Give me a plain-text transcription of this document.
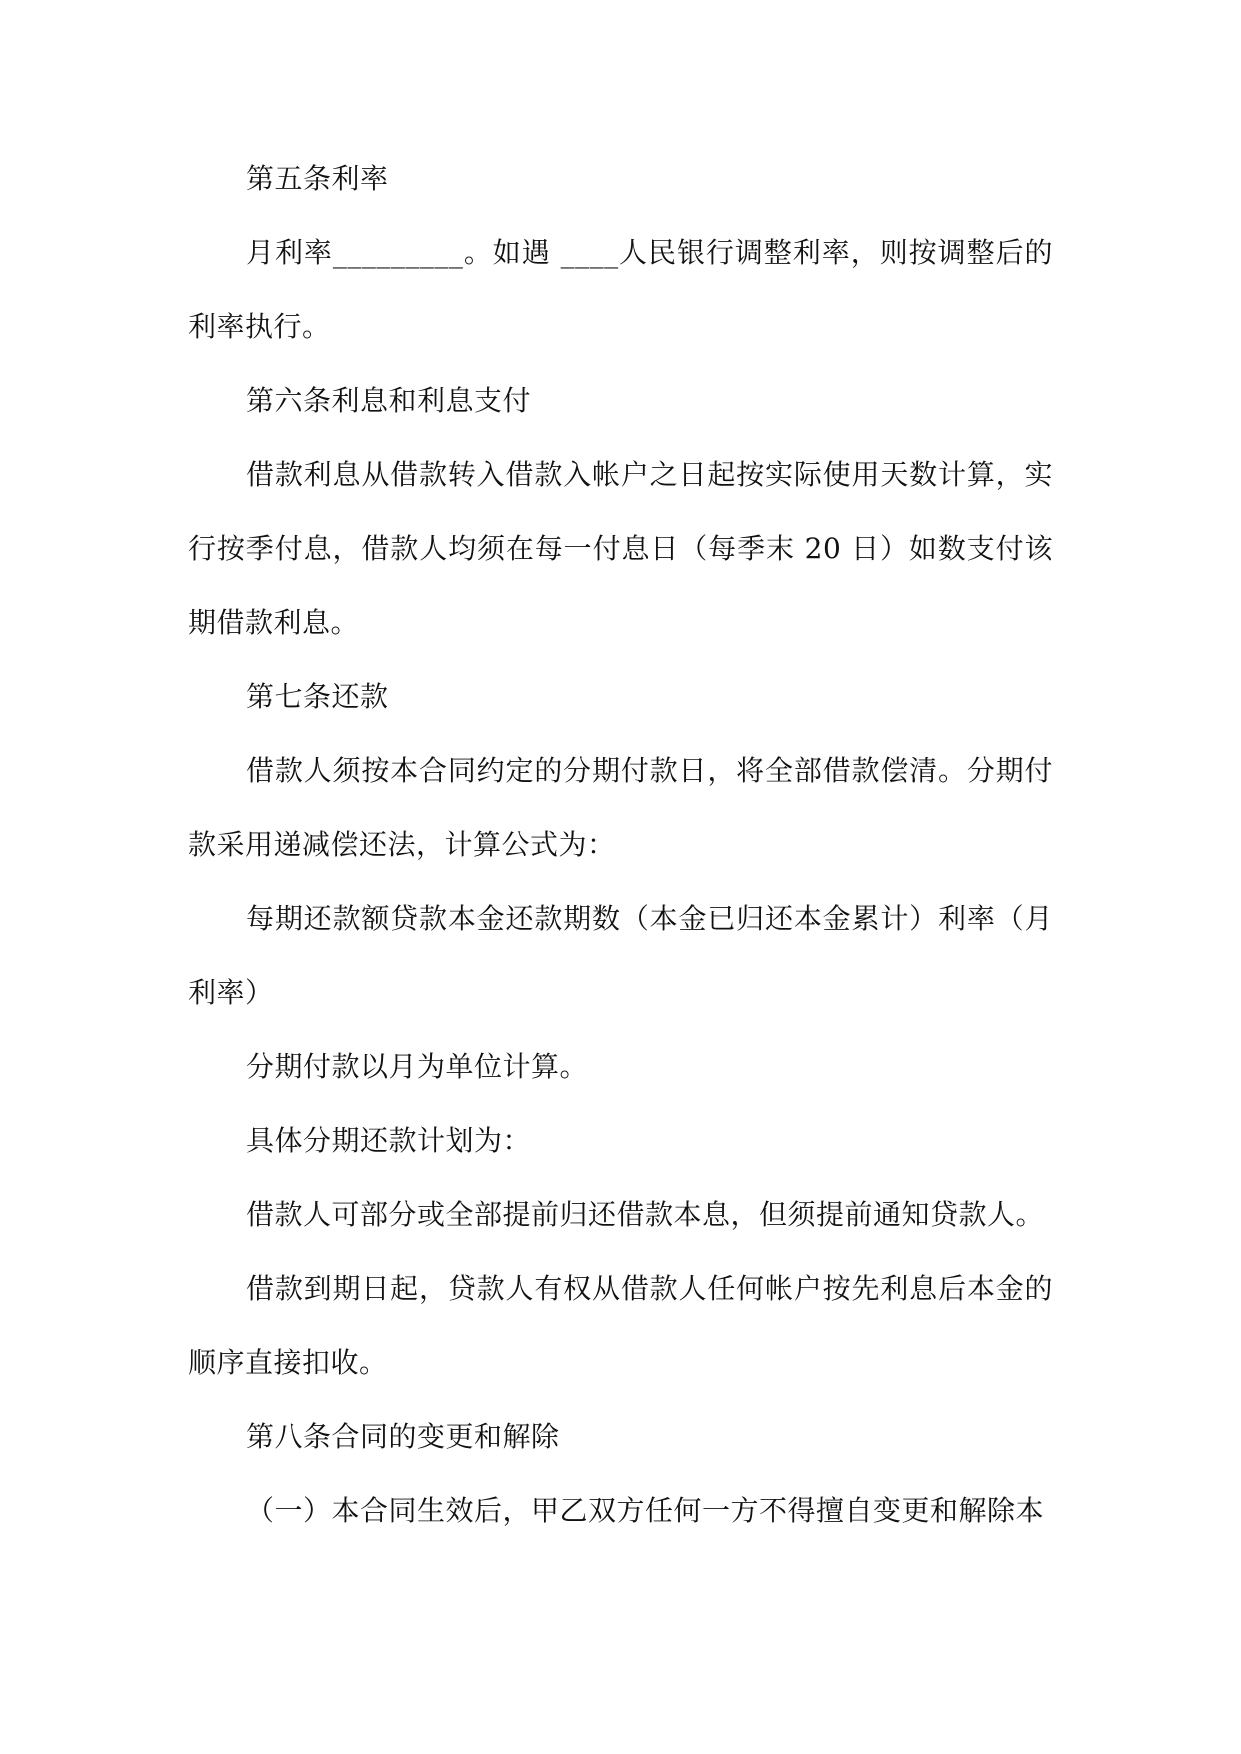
第五条利率

月利率_________。如遇 ____人民银行调整利率，则按调整后的利率执行。

第六条利息和利息支付

借款利息从借款转入借款入帐户之日起按实际使用天数计算，实行按季付息，借款人均须在每一付息日（每季末 20 日）如数支付该期借款利息。

第七条还款

借款人须按本合同约定的分期付款日，将全部借款偿清。分期付款采用递减偿还法，计算公式为：

每期还款额贷款本金还款期数（本金已归还本金累计）利率（月利率）

分期付款以月为单位计算。

具体分期还款计划为：

借款人可部分或全部提前归还借款本息，但须提前通知贷款人。

借款到期日起，贷款人有权从借款人任何帐户按先利息后本金的顺序直接扣收。

第八条合同的变更和解除

（一）本合同生效后，甲乙双方任何一方不得擅自变更和解除本
